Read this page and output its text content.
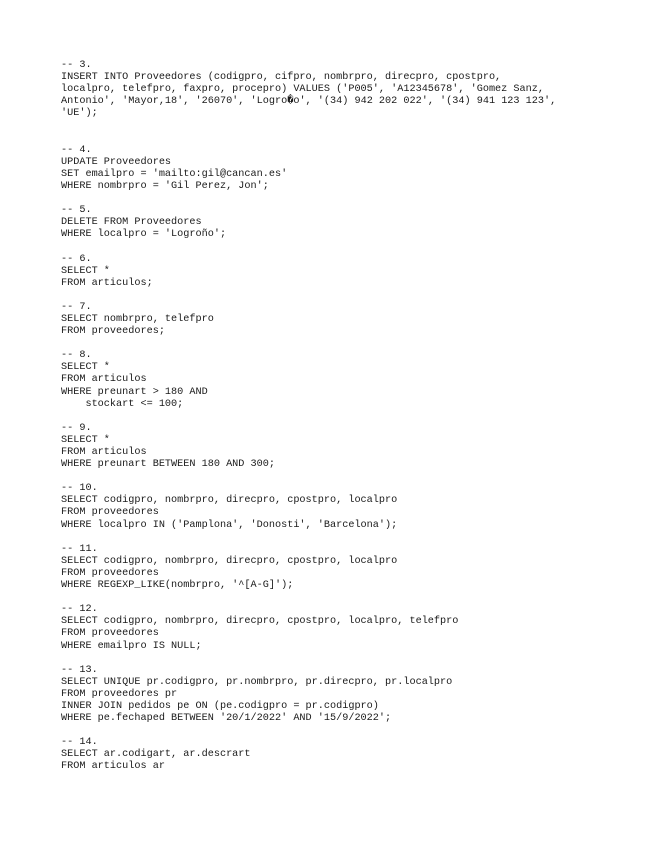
-- 3.
INSERT INTO Proveedores (codigpro, cifpro, nombrpro, direcpro, cpostpro,
localpro, telefpro, faxpro, procepro) VALUES ('P005', 'A12345678', 'Gomez Sanz,
Antonio', 'Mayor,18', '26070', 'Logro�o', '(34) 942 202 022', '(34) 941 123 123',
'UE');
-- 4.
UPDATE Proveedores
SET emailpro = 'mailto:gil@cancan.es'
WHERE nombrpro = 'Gil Perez, Jon';
-- 5.
DELETE FROM Proveedores
WHERE localpro = 'Logroño';
-- 6.
SELECT *
FROM articulos;
-- 7.
SELECT nombrpro, telefpro
FROM proveedores;
-- 8.
SELECT *
FROM articulos
WHERE preunart > 180 AND
stockart <= 100;
-- 9.
SELECT *
FROM articulos
WHERE preunart BETWEEN 180 AND 300;
-- 10.
SELECT codigpro, nombrpro, direcpro, cpostpro, localpro
FROM proveedores
WHERE localpro IN ('Pamplona', 'Donosti', 'Barcelona');
-- 11.
SELECT codigpro, nombrpro, direcpro, cpostpro, localpro
FROM proveedores
WHERE REGEXP_LIKE(nombrpro, '^[A-G]');
-- 12.
SELECT codigpro, nombrpro, direcpro, cpostpro, localpro, telefpro
FROM proveedores
WHERE emailpro IS NULL;
-- 13.
SELECT UNIQUE pr.codigpro, pr.nombrpro, pr.direcpro, pr.localpro
FROM proveedores pr
INNER JOIN pedidos pe ON (pe.codigpro = pr.codigpro)
WHERE pe.fechaped BETWEEN '20/1/2022' AND '15/9/2022';
-- 14.
SELECT ar.codigart, ar.descrart
FROM articulos ar
